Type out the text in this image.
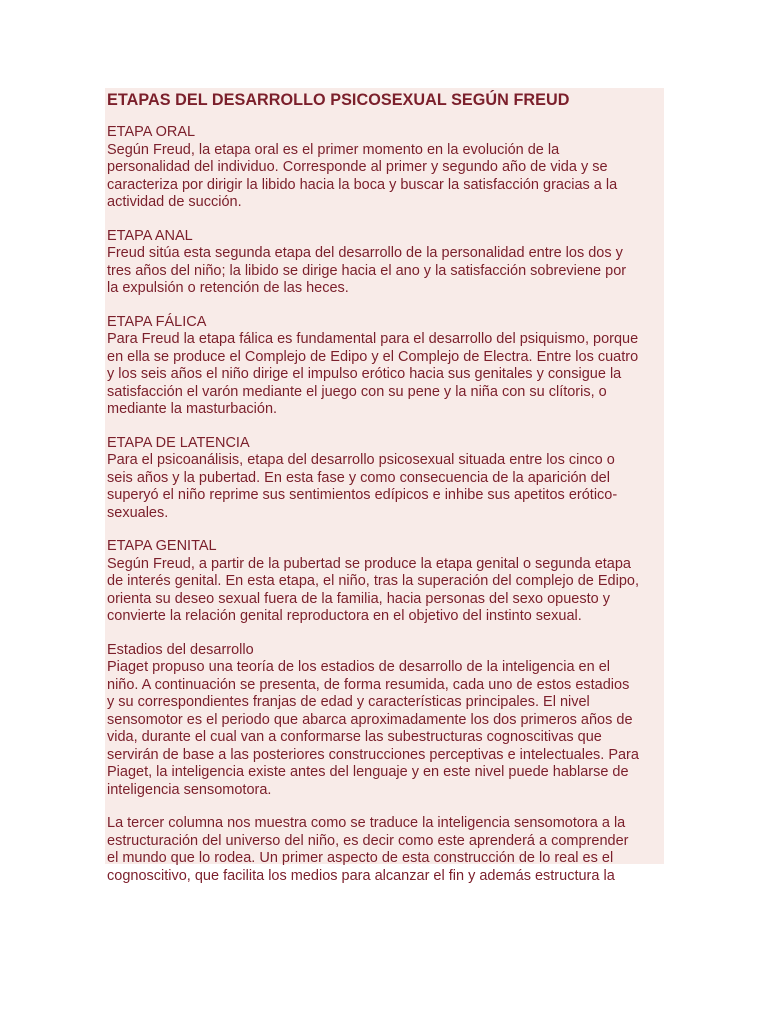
ETAPAS DEL DESARROLLO PSICOSEXUAL SEGÚN FREUD

ETAPA ORAL

Según Freud, la etapa oral es el primer momento en la evolución de la
personalidad del individuo. Corresponde al primer y segundo año de vida y se
caracteriza por dirigir la libido hacia la boca y buscar la satisfacción gracias a la
actividad de succión.

ETAPA ANAL

Freud sitúa esta segunda etapa del desarrollo de la personalidad entre los dos y
tres años del niño; la libido se dirige hacia el ano y la satisfacción sobreviene por
la expulsión o retención de las heces.

ETAPA FÁLICA

Para Freud la etapa fálica es fundamental para el desarrollo del psiquismo, porque
en ella se produce el Complejo de Edipo y el Complejo de Electra. Entre los cuatro
y los seis años el niño dirige el impulso erótico hacia sus genitales y consigue la
satisfacción el varón mediante el juego con su pene y la niña con su clítoris, o
mediante la masturbación.

ETAPA DE LATENCIA

Para el psicoanálisis, etapa del desarrollo psicosexual situada entre los cinco o
seis años y la pubertad. En esta fase y como consecuencia de la aparición del
superyó el niño reprime sus sentimientos edípicos e inhibe sus apetitos erótico-
sexuales.

ETAPA GENITAL

Según Freud, a partir de la pubertad se produce la etapa genital o segunda etapa
de interés genital. En esta etapa, el niño, tras la superación del complejo de Edipo,
orienta su deseo sexual fuera de la familia, hacia personas del sexo opuesto y
convierte la relación genital reproductora en el objetivo del instinto sexual.

Estadios del desarrollo

Piaget propuso una teoría de los estadios de desarrollo de la inteligencia en el
niño. A continuación se presenta, de forma resumida, cada uno de estos estadios
y su correspondientes franjas de edad y características principales. El nivel
sensomotor es el periodo que abarca aproximadamente los dos primeros años de
vida, durante el cual van a conformarse las subestructuras cognoscitivas que
servirán de base a las posteriores construcciones perceptivas e intelectuales. Para
Piaget, la inteligencia existe antes del lenguaje y en este nivel puede hablarse de
inteligencia sensomotora.

La tercer columna nos muestra como se traduce la inteligencia sensomotora a la
estructuración del universo del niño, es decir como este aprenderá a comprender
el mundo que lo rodea. Un primer aspecto de esta construcción de lo real es el
cognoscitivo, que facilita los medios para alcanzar el fin y además estructura la
